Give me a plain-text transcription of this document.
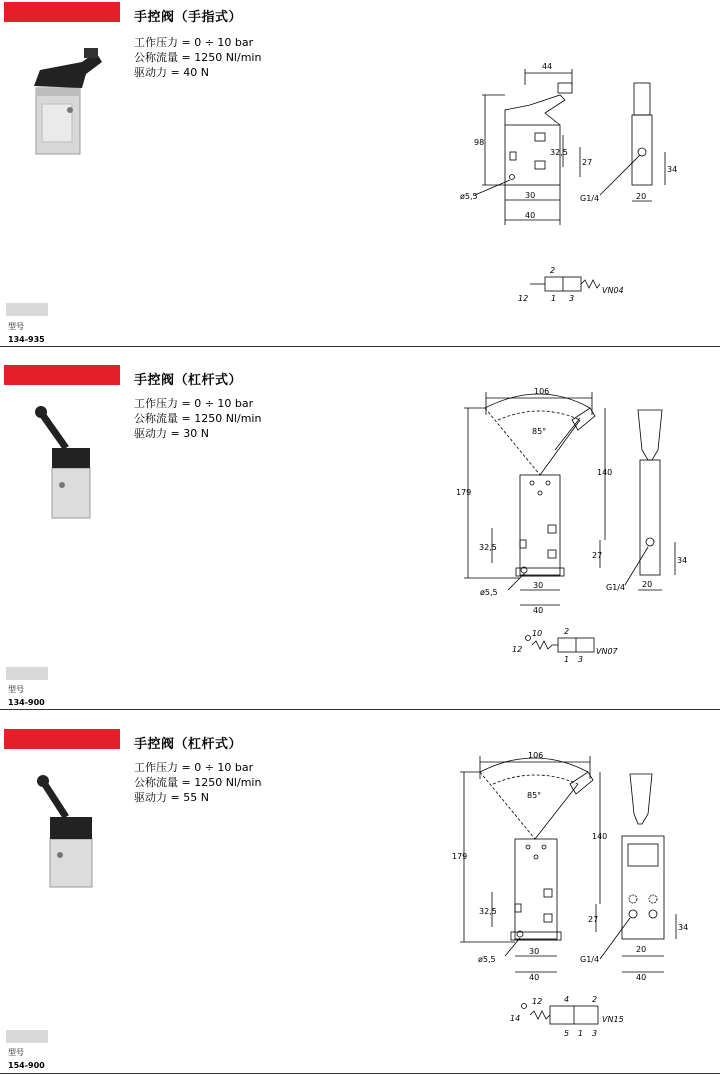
手控阀（手指式）
工作压力 = 0 ÷ 10 bar
公称流量 = 1250 Nl/min
驱动力 = 40 N
型号
134-935
44
98
32,5
27
34
ø5,5	30
40
G1/4	20
2
12	1 3
VN04
手控阀（杠杆式）
工作压力 = 0 ÷ 10 bar
公称流量 = 1250 Nl/min
驱动力 = 30 N
型号
134-900
106
85°
179
140
32,5
27
34
ø5,5
30
40
G1/4 20
10	2
12
1 3
VN07
手控阀（杠杆式）
工作压力 = 0 ÷ 10 bar
公称流量 = 1250 Nl/min
驱动力 = 55 N
型号
154-900
106
85°
179
140
32,5
27
34
ø5,5
30
40
G1/4
20
40
12	4	2
14
5 1 3
VN15
